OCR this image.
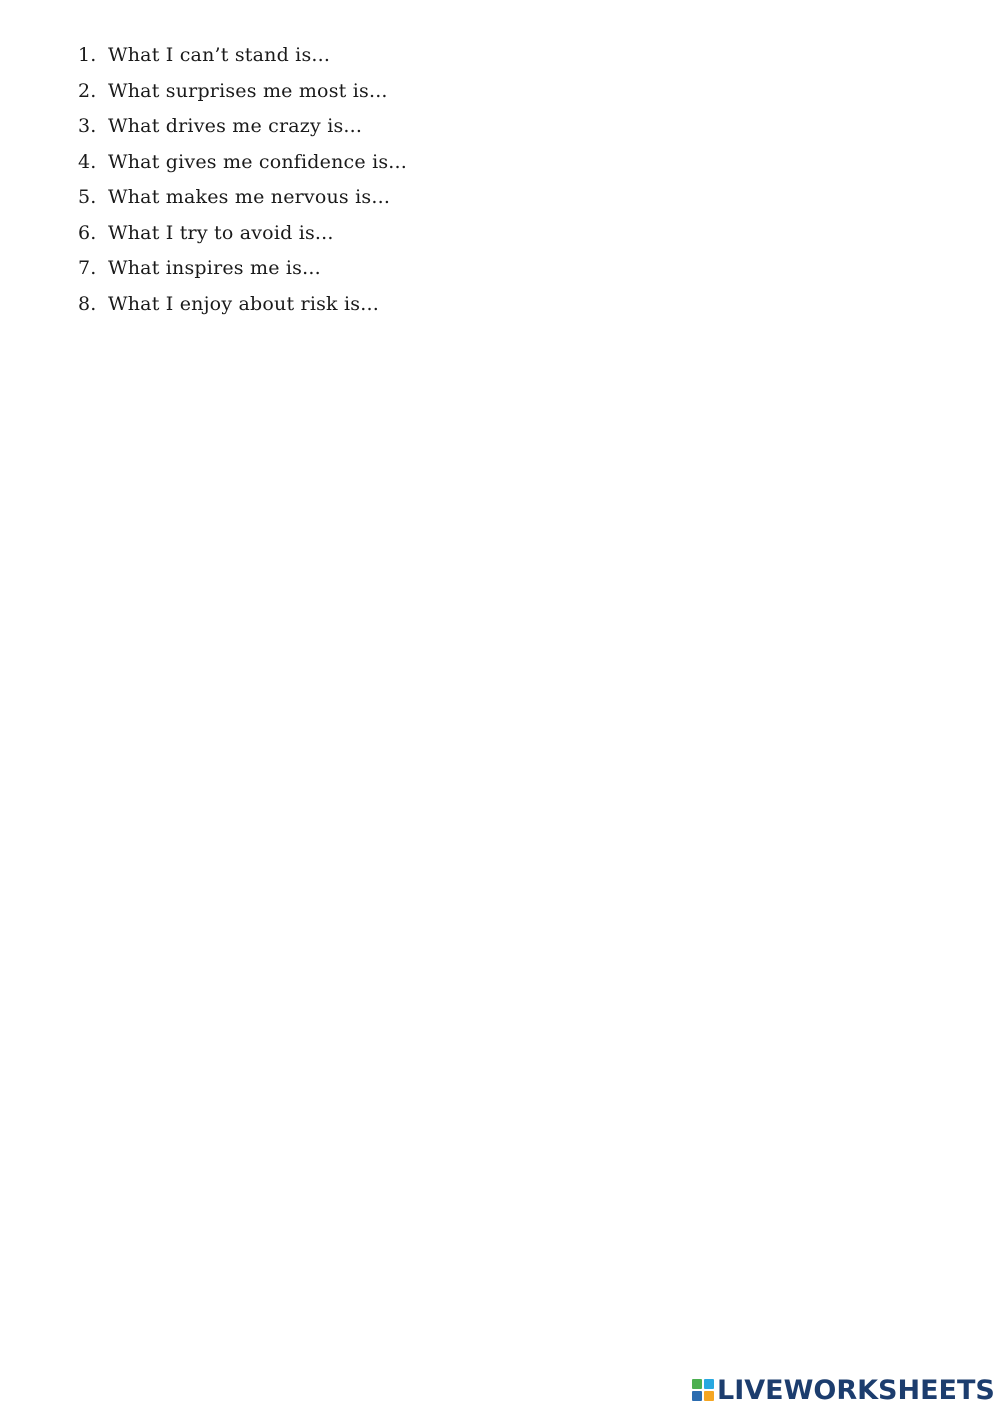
1. What I can’t stand is...
2. What surprises me most is...
3. What drives me crazy is...
4. What gives me confidence is...
5. What makes me nervous is...
6. What I try to avoid is...
7. What inspires me is...
8. What I enjoy about risk is...
LIVEWORKSHEETS
